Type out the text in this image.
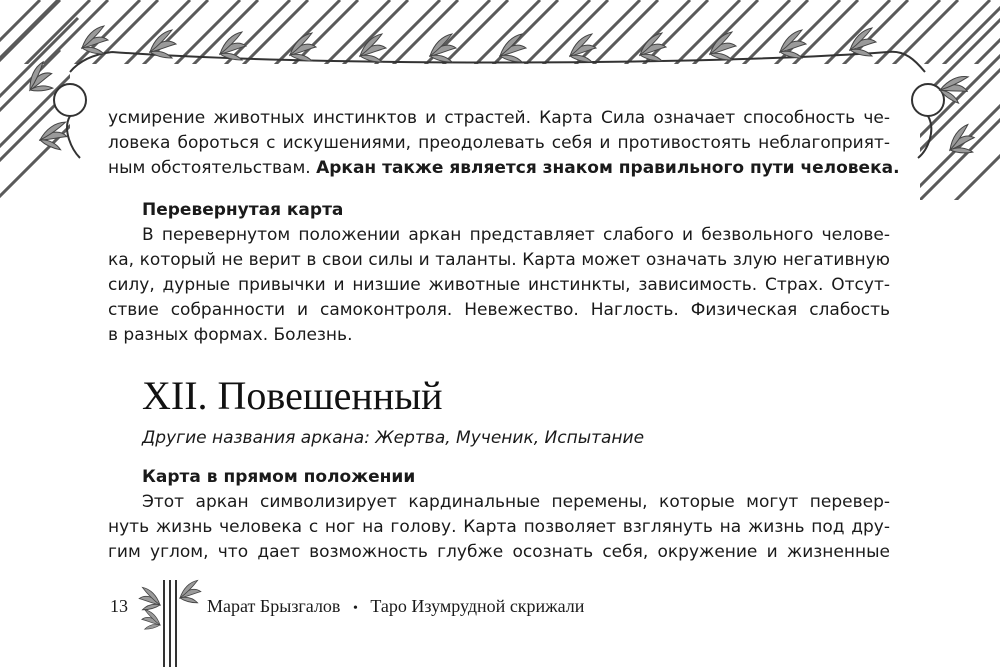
усмирение животных инстинктов и страстей. Карта Сила означает способность че-
ловека бороться с искушениями, преодолевать себя и противостоять неблагоприят-
ным обстоятельствам. Аркан также является знаком правильного пути человека.
Перевернутая карта
В перевернутом положении аркан представляет слабого и безвольного челове-
ка, который не верит в свои силы и таланты. Карта может означать злую негативную
силу, дурные привычки и низшие животные инстинкты, зависимость. Страх. Отсут-
ствие собранности и самоконтроля. Невежество. Наглость. Физическая слабость
в разных формах. Болезнь.
XII. Повешенный
Другие названия аркана: Жертва, Мученик, Испытание
Карта в прямом положении
Этот аркан символизирует кардинальные перемены, которые могут перевер-
нуть жизнь человека с ног на голову. Карта позволяет взглянуть на жизнь под дру-
гим углом, что дает возможность глубже осознать себя, окружение и жизненные
13	Марат Брызгалов • Таро Изумрудной скрижали
